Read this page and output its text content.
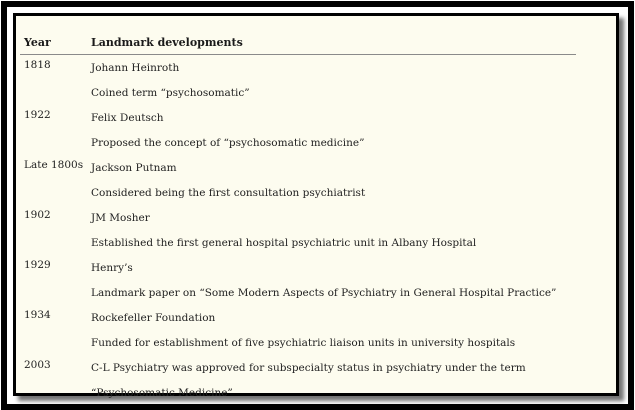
Year	Landmark developments
1818	Johann Heinroth
Coined term “psychosomatic”
1922	Felix Deutsch
Proposed the concept of “psychosomatic medicine”
Late 1800s Jackson Putnam
Considered being the first consultation psychiatrist
1902	JM Mosher
Established the first general hospital psychiatric unit in Albany Hospital
1929	Henry’s
Landmark paper on “Some Modern Aspects of Psychiatry in General Hospital Practice”
1934	Rockefeller Foundation
Funded for establishment of five psychiatric liaison units in university hospitals
2003	C-L Psychiatry was approved for subspecialty status in psychiatry under the term
“Psychosomatic Medicine”
